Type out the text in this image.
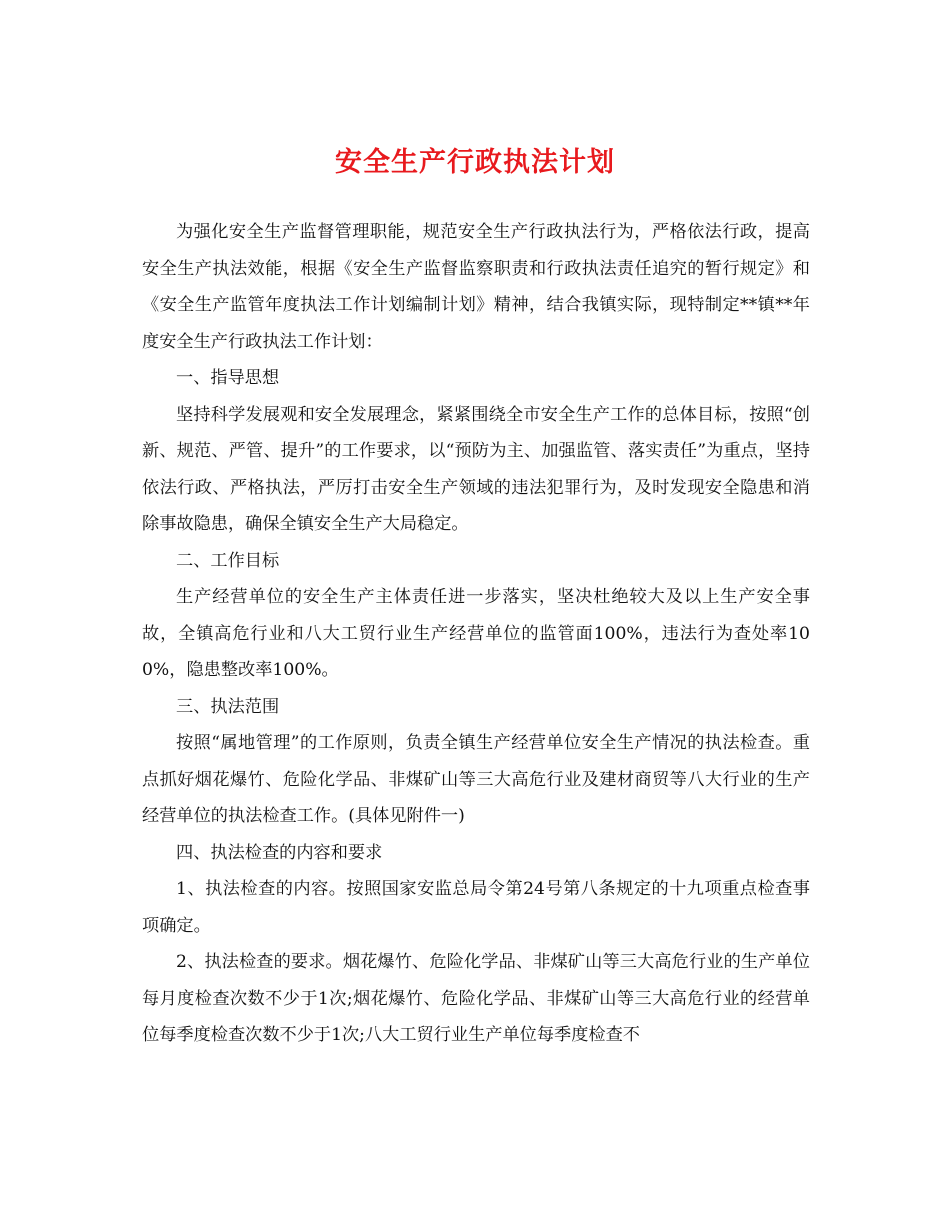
安全生产行政执法计划

为强化安全生产监督管理职能，规范安全生产行政执法行为，严格依法行政，提高安全生产执法效能，根据《安全生产监督监察职责和行政执法责任追究的暂行规定》和《安全生产监管年度执法工作计划编制计划》精神，结合我镇实际，现特制定**镇**年度安全生产行政执法工作计划：

一、指导思想

坚持科学发展观和安全发展理念，紧紧围绕全市安全生产工作的总体目标，按照“创新、规范、严管、提升”的工作要求，以“预防为主、加强监管、落实责任”为重点，坚持依法行政、严格执法，严厉打击安全生产领域的违法犯罪行为，及时发现安全隐患和消除事故隐患，确保全镇安全生产大局稳定。

二、工作目标

生产经营单位的安全生产主体责任进一步落实，坚决杜绝较大及以上生产安全事故，全镇高危行业和八大工贸行业生产经营单位的监管面100%，违法行为查处率100%，隐患整改率100%。

三、执法范围

按照“属地管理”的工作原则，负责全镇生产经营单位安全生产情况的执法检查。重点抓好烟花爆竹、危险化学品、非煤矿山等三大高危行业及建材商贸等八大行业的生产经营单位的执法检查工作。(具体见附件一)

四、执法检查的内容和要求

1、执法检查的内容。按照国家安监总局令第24号第八条规定的十九项重点检查事项确定。

2、执法检查的要求。烟花爆竹、危险化学品、非煤矿山等三大高危行业的生产单位每月度检查次数不少于1次;烟花爆竹、危险化学品、非煤矿山等三大高危行业的经营单位每季度检查次数不少于1次;八大工贸行业生产单位每季度检查不
